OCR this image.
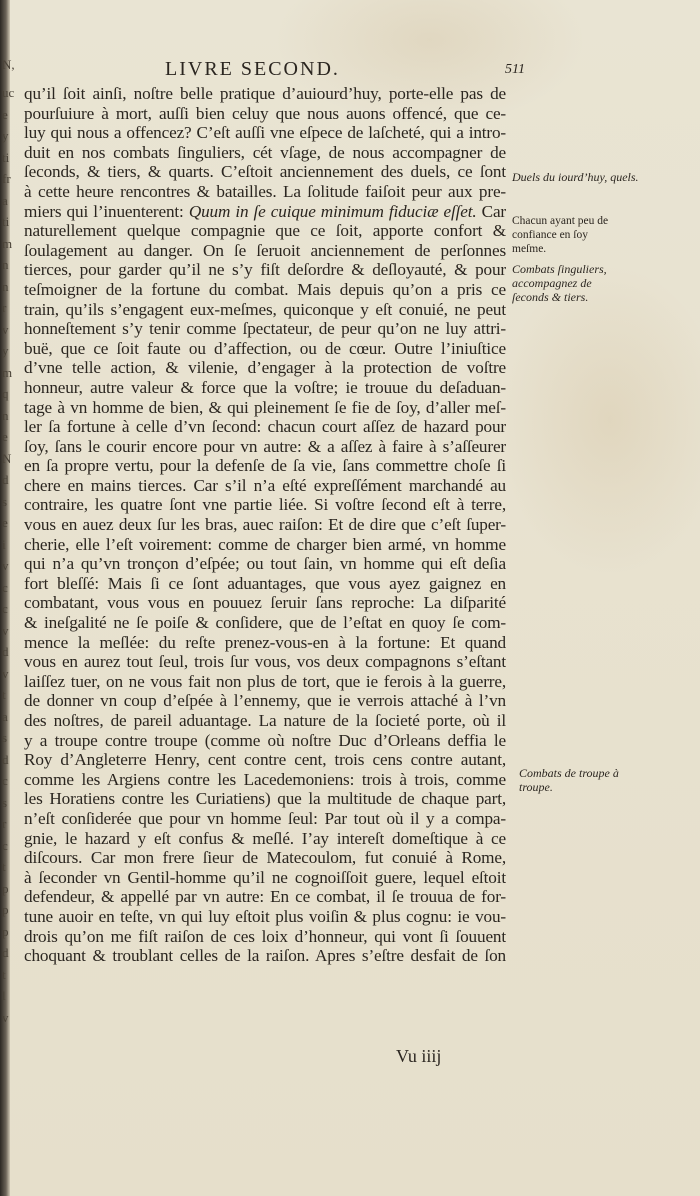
uc
e
y
ti
fr
a
ti
m
n
n
r
v
y
m
q
n
e
N
d
s
e
i
v
c
c
v
d
v
t
a
s
d
c
s
r
c
t
p
p
p
d
t
l
v
N,	LIVRE SECOND.	511
qu’il ſoit ainſi, noſtre belle pratique d’auiourd’huy, porte-elle pas de
pourſuiure à mort, auſſi bien celuy que nous auons offencé, que ce-
luy qui nous a offencez? C’eſt auſſi vne eſpece de laſcheté, qui a intro-
duit en nos combats ſinguliers, cét vſage, de nous accompagner de
ſeconds, & tiers, & quarts. C’eſtoit anciennement des duels, ce ſont
à cette heure rencontres & batailles. La ſolitude faiſoit peur aux pre-
miers qui l’inuenterent: Quum in ſe cuique minimum fiduciæ eſſet. Car
naturellement quelque compagnie que ce ſoit, apporte confort &
ſoulagement au danger. On ſe ſeruoit anciennement de perſonnes
tierces, pour garder qu’il ne s’y fiſt deſordre & deſloyauté, & pour
teſmoigner de la fortune du combat. Mais depuis qu’on a pris ce
train, qu’ils s’engagent eux-meſmes, quiconque y eſt conuié, ne peut
honneſtement s’y tenir comme ſpectateur, de peur qu’on ne luy attri-
buë, que ce ſoit faute ou d’affection, ou de cœur. Outre l’iniuſtice
d’vne telle action, & vilenie, d’engager à la protection de voſtre
honneur, autre valeur & force que la voſtre; ie trouue du deſaduan-
tage à vn homme de bien, & qui pleinement ſe fie de ſoy, d’aller meſ-
ler ſa fortune à celle d’vn ſecond: chacun court aſſez de hazard pour
ſoy, ſans le courir encore pour vn autre: & a aſſez à faire à s’aſſeurer
en ſa propre vertu, pour la defenſe de ſa vie, ſans commettre choſe ſi
chere en mains tierces. Car s’il n’a eſté expreſſément marchandé au
contraire, les quatre ſont vne partie liée. Si voſtre ſecond eſt à terre,
vous en auez deux ſur les bras, auec raiſon: Et de dire que c’eſt ſuper-
cherie, elle l’eſt voirement: comme de charger bien armé, vn homme
qui n’a qu’vn tronçon d’eſpée; ou tout ſain, vn homme qui eſt deſia
fort bleſſé: Mais ſi ce ſont aduantages, que vous ayez gaignez en
combatant, vous vous en pouuez ſeruir ſans reproche: La diſparité
& ineſgalité ne ſe poiſe & conſidere, que de l’eſtat en quoy ſe com-
mence la meſlée: du reſte prenez-vous-en à la fortune: Et quand
vous en aurez tout ſeul, trois ſur vous, vos deux compagnons s’eſtant
laiſſez tuer, on ne vous fait non plus de tort, que ie ferois à la guerre,
de donner vn coup d’eſpée à l’ennemy, que ie verrois attaché à l’vn
des noſtres, de pareil aduantage. La nature de la ſocieté porte, où il
y a troupe contre troupe (comme où noſtre Duc d’Orleans deffia le
Roy d’Angleterre Henry, cent contre cent, trois cens contre autant,
comme les Argiens contre les Lacedemoniens: trois à trois, comme
les Horatiens contre les Curiatiens) que la multitude de chaque part,
n’eſt conſiderée que pour vn homme ſeul: Par tout où il y a compa-
gnie, le hazard y eſt confus & meſlé. I’ay intereſt domeſtique à ce
diſcours. Car mon frere ſieur de Matecoulom, fut conuié à Rome,
à ſeconder vn Gentil-homme qu’il ne cognoiſſoit guere, lequel eſtoit
defendeur, & appellé par vn autre: En ce combat, il ſe trouua de for-
tune auoir en teſte, vn qui luy eſtoit plus voiſin & plus cognu: ie vou-
drois qu’on me fiſt raiſon de ces loix d’honneur, qui vont ſi ſouuent
choquant & troublant celles de la raiſon. Apres s’eſtre desfait de ſon
Vu iiij
Duels du iourd’huy, quels.
Chacun ayant peu de confiance en ſoy meſme.
Combats ſinguliers, accompagnez de ſeconds & tiers.
Combats de troupe à troupe.
